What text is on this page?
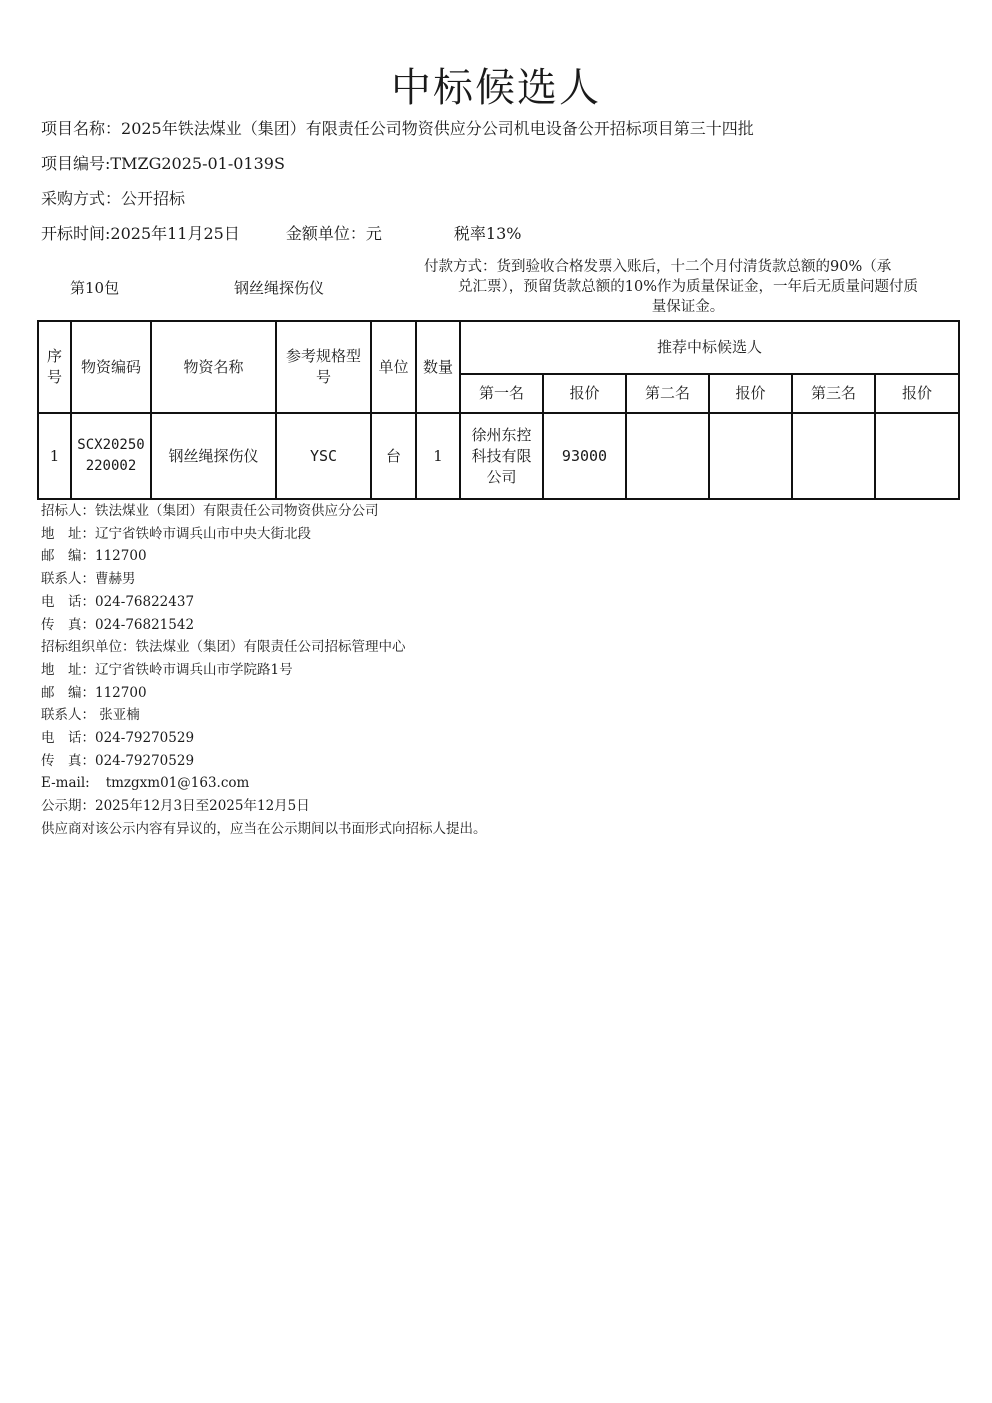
中标候选人
项目名称：2025年铁法煤业（集团）有限责任公司物资供应分公司机电设备公开招标项目第三十四批
项目编号:TMZG2025-01-0139S
采购方式：公开招标
开标时间:2025年11月25日	金额单位：元	税率13%
第10包	钢丝绳探伤仪
付款方式：货到验收合格发票入账后，十二个月付清货款总额的90%（承
兑汇票），预留货款总额的10%作为质量保证金，一年后无质量问题付质
量保证金。
序号	物资编码	物资名称	参考规格型号	单位	数量	推荐中标候选人					
						第一名	报价	第二名	报价	第三名	报价
1	SCX20250220002	钢丝绳探伤仪	YSC	台	1	徐州东控科技有限公司	93000				
招标人：铁法煤业（集团）有限责任公司物资供应分公司
地　址：辽宁省铁岭市调兵山市中央大街北段
邮　编：112700
联系人：曹赫男
电　话：024-76822437
传　真：024-76821542
招标组织单位：铁法煤业（集团）有限责任公司招标管理中心
地　址：辽宁省铁岭市调兵山市学院路1号
邮　编：112700
联系人： 张亚楠
电　话：024-79270529
传　真：024-79270529
E-mail: tmzgxm01@163.com
公示期：2025年12月3日至2025年12月5日
供应商对该公示内容有异议的，应当在公示期间以书面形式向招标人提出。
